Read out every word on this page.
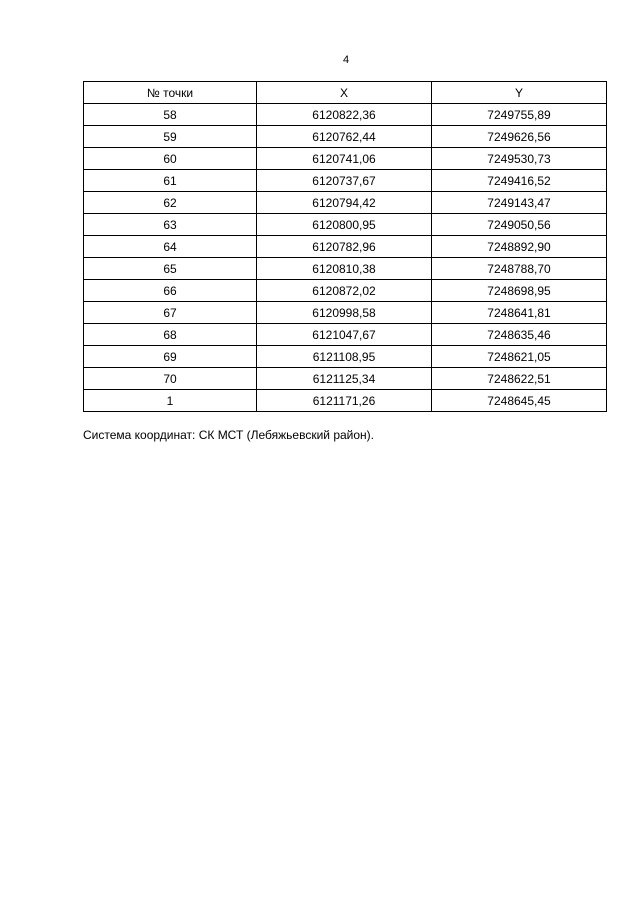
4
№ точки	X	Y
58	6120822,36	7249755,89
59	6120762,44	7249626,56
60	6120741,06	7249530,73
61	6120737,67	7249416,52
62	6120794,42	7249143,47
63	6120800,95	7249050,56
64	6120782,96	7248892,90
65	6120810,38	7248788,70
66	6120872,02	7248698,95
67	6120998,58	7248641,81
68	6121047,67	7248635,46
69	6121108,95	7248621,05
70	6121125,34	7248622,51
1	6121171,26	7248645,45
Система координат: СК МСТ (Лебяжьевский район).
